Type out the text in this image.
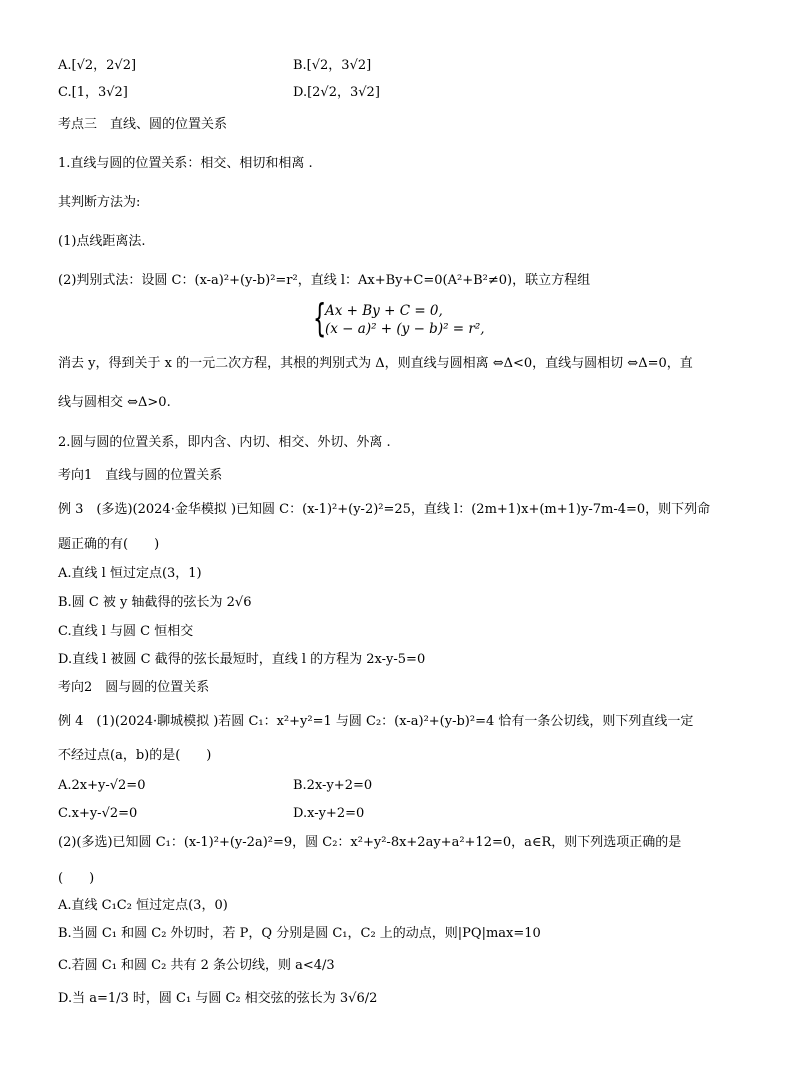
A.[√2，2√2]	B.[√2，3√2]
C.[1，3√2]	D.[2√2，3√2]
考点三　直线、圆的位置关系
1.直线与圆的位置关系：相交、相切和相离 .
其判断方法为:
(1)点线距离法.
(2)判别式法：设圆 C：(x-a)²+(y-b)²=r²，直线 l：Ax+By+C=0(A²+B²≠0)，联立方程组
{
Ax + By + C = 0,
(x − a)² + (y − b)² = r²,
消去 y，得到关于 x 的一元二次方程，其根的判别式为 Δ，则直线与圆相离 ⇔Δ<0，直线与圆相切 ⇔Δ=0，直
线与圆相交 ⇔Δ>0.
2.圆与圆的位置关系，即内含、内切、相交、外切、外离 .
考向1　直线与圆的位置关系
例 3　(多选)(2024·金华模拟 )已知圆 C：(x-1)²+(y-2)²=25，直线 l：(2m+1)x+(m+1)y-7m-4=0，则下列命
题正确的有(　　)
A.直线 l 恒过定点(3，1)
B.圆 C 被 y 轴截得的弦长为 2√6
C.直线 l 与圆 C 恒相交
D.直线 l 被圆 C 截得的弦长最短时，直线 l 的方程为 2x-y-5=0
考向2　圆与圆的位置关系
例 4　(1)(2024·聊城模拟 )若圆 C₁：x²+y²=1 与圆 C₂：(x-a)²+(y-b)²=4 恰有一条公切线，则下列直线一定
不经过点(a，b)的是(　　)
A.2x+y-√2=0	B.2x-y+2=0
C.x+y-√2=0	D.x-y+2=0
(2)(多选)已知圆 C₁：(x-1)²+(y-2a)²=9，圆 C₂：x²+y²-8x+2ay+a²+12=0，a∈R，则下列选项正确的是
(　　)
A.直线 C₁C₂ 恒过定点(3，0)
B.当圆 C₁ 和圆 C₂ 外切时，若 P，Q 分别是圆 C₁，C₂ 上的动点，则|PQ|max=10
C.若圆 C₁ 和圆 C₂ 共有 2 条公切线，则 a<4/3
D.当 a=1/3 时，圆 C₁ 与圆 C₂ 相交弦的弦长为 3√6/2
